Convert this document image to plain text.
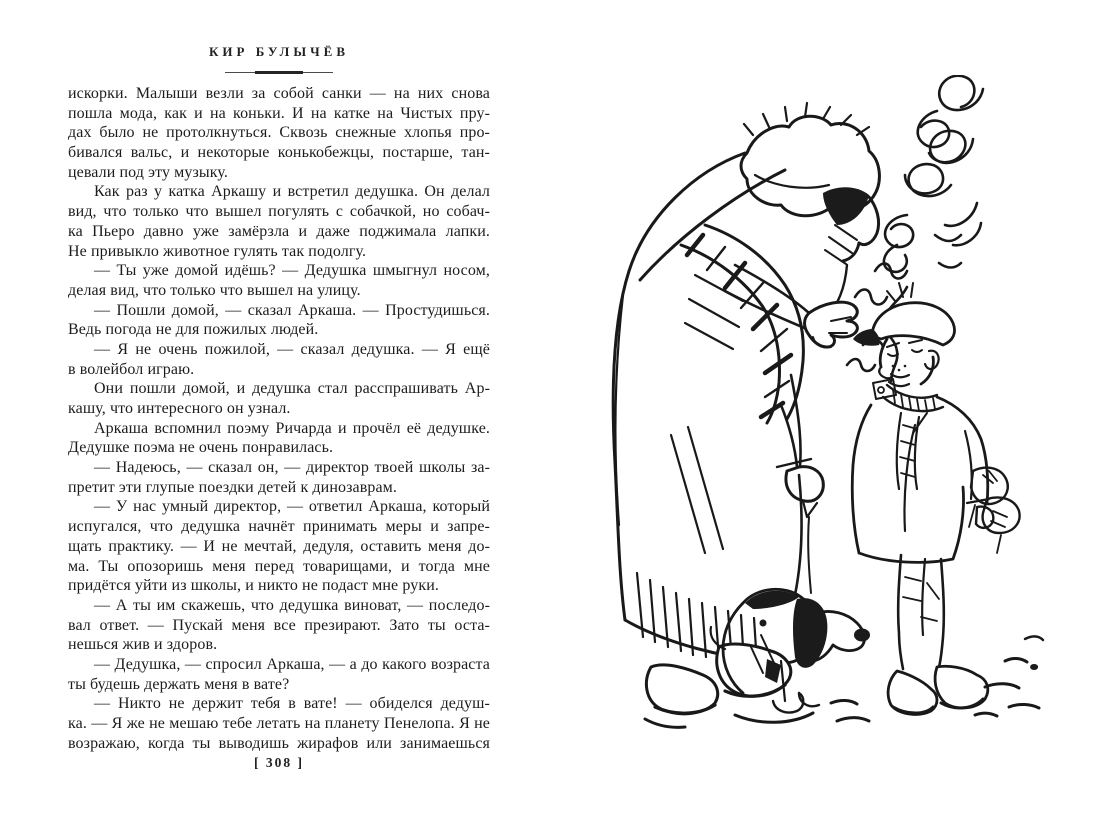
КИР БУЛЫЧЁВ
искорки. Малыши везли за собой санки — на них снова
пошла мода, как и на коньки. И на катке на Чистых пру-
дах было не протолкнуться. Сквозь снежные хлопья про-
бивался вальс, и некоторые конькобежцы, постарше, тан-
цевали под эту музыку.
Как раз у катка Аркашу и встретил дедушка. Он делал
вид, что только что вышел погулять с собачкой, но собач-
ка Пьеро давно уже замёрзла и даже поджимала лапки.
Не привыкло животное гулять так подолгу.
— Ты уже домой идёшь? — Дедушка шмыгнул носом,
делая вид, что только что вышел на улицу.
— Пошли домой, — сказал Аркаша. — Простудишься.
Ведь погода не для пожилых людей.
— Я не очень пожилой, — сказал дедушка. — Я ещё
в волейбол играю.
Они пошли домой, и дедушка стал расспрашивать Ар-
кашу, что интересного он узнал.
Аркаша вспомнил поэму Ричарда и прочёл её дедушке.
Дедушке поэма не очень понравилась.
— Надеюсь, — сказал он, — директор твоей школы за-
претит эти глупые поездки детей к динозаврам.
— У нас умный директор, — ответил Аркаша, который
испугался, что дедушка начнёт принимать меры и запре-
щать практику. — И не мечтай, дедуля, оставить меня до-
ма. Ты опозоришь меня перед товарищами, и тогда мне
придётся уйти из школы, и никто не подаст мне руки.
— А ты им скажешь, что дедушка виноват, — последо-
вал ответ. — Пускай меня все презирают. Зато ты оста-
нешься жив и здоров.
— Дедушка, — спросил Аркаша, — а до какого возраста
ты будешь держать меня в вате?
— Никто не держит тебя в вате! — обиделся дедуш-
ка. — Я же не мешаю тебе летать на планету Пенелопа. Я не
возражаю, когда ты выводишь жирафов или занимаешься
[ 308 ]
